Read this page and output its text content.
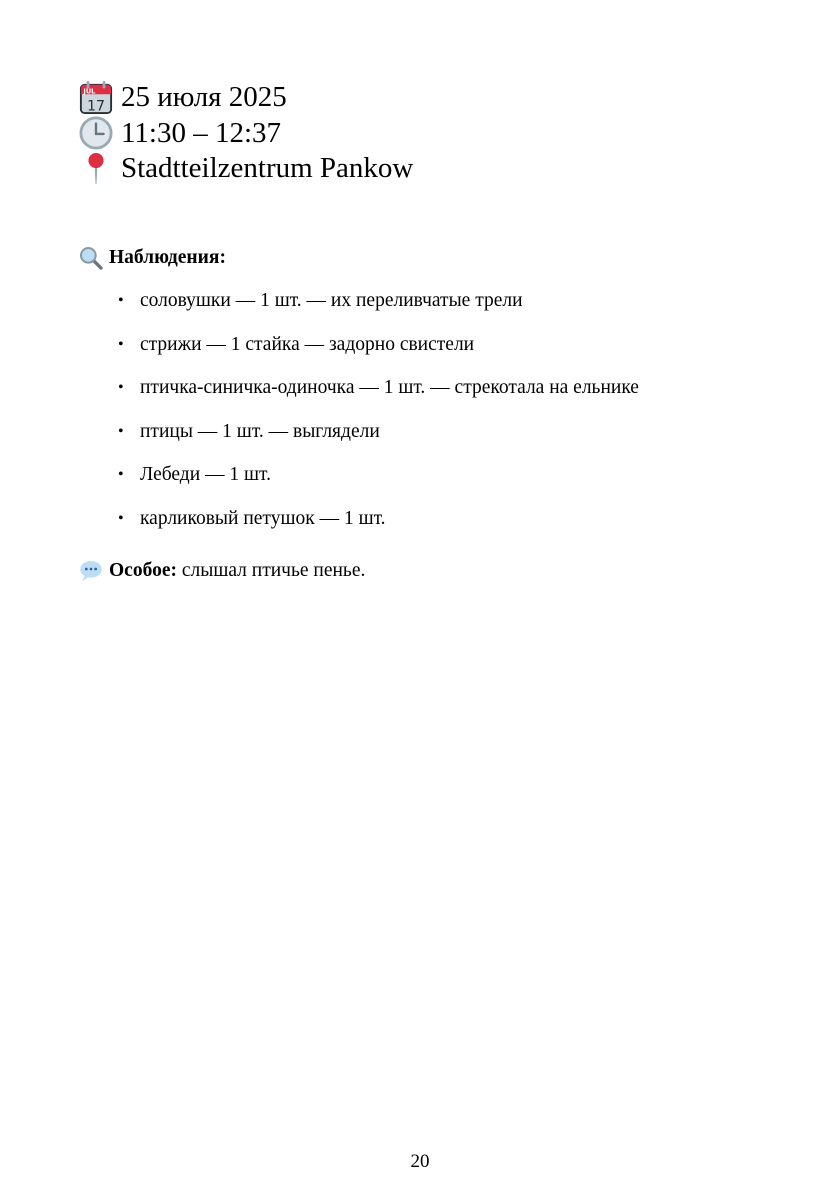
JUL
17 25 июля 2025
11:30 – 12:37
Stadtteilzentrum Pankow
Наблюдения:
• соловушки — 1 шт. — их переливчатые трели
• стрижи — 1 стайка — задорно свистели
• птичка-синичка-одиночка — 1 шт. — стрекотала на ельнике
• птицы — 1 шт. — выглядели
• Лебеди — 1 шт.
• карликовый петушок — 1 шт.
Особое: слышал птичье пенье.
20
